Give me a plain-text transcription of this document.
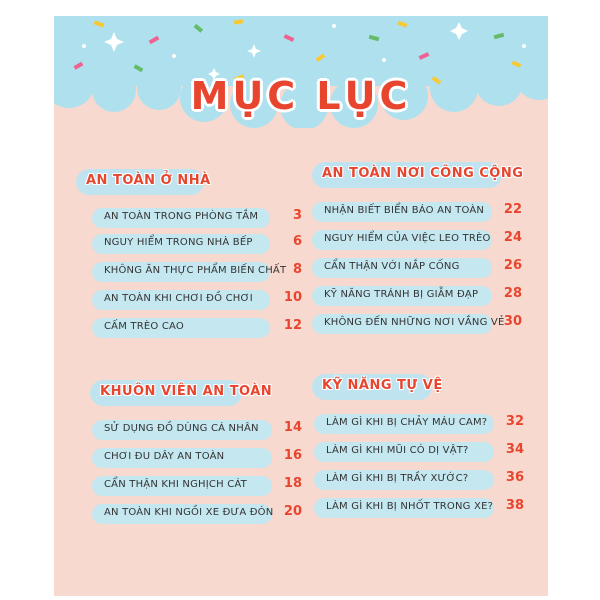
MỤC LỤC
AN TOÀN Ở NHÀ
AN TOÀN TRONG PHÒNG TẮM	3
NGUY HIỂM TRONG NHÀ BẾP	6
KHÔNG ĂN THỰC PHẨM BIẾN CHẤT 8
AN TOÀN KHI CHƠI ĐỒ CHƠI	10
CẤM TRÈO CAO	12
AN TOÀN NƠI CÔNG CỘNG
NHẬN BIẾT BIỂN BÁO AN TOÀN	22
NGUY HIỂM CỦA VIỆC LEO TRÈO	24
CẨN THẬN VỚI NẮP CỐNG	26
KỸ NĂNG TRÁNH BỊ GIẪM ĐẠP	28
KHÔNG ĐẾN NHỮNG NƠI VẮNG VẺ 30
KHUÔN VIÊN AN TOÀN
SỬ DỤNG ĐỒ DÙNG CÁ NHÂN	14
CHƠI ĐU DÂY AN TOÀN	16
CẨN THẬN KHI NGHỊCH CÁT	18
AN TOÀN KHI NGỒI XE ĐƯA ĐÓN 20
KỸ NĂNG TỰ VỆ
LÀM GÌ KHI BỊ CHẢY MÁU CAM?	32
LÀM GÌ KHI MŨI CÓ DỊ VẬT?	34
LÀM GÌ KHI BỊ TRẦY XƯỚC?	36
LÀM GÌ KHI BỊ NHỐT TRONG XE? 38
